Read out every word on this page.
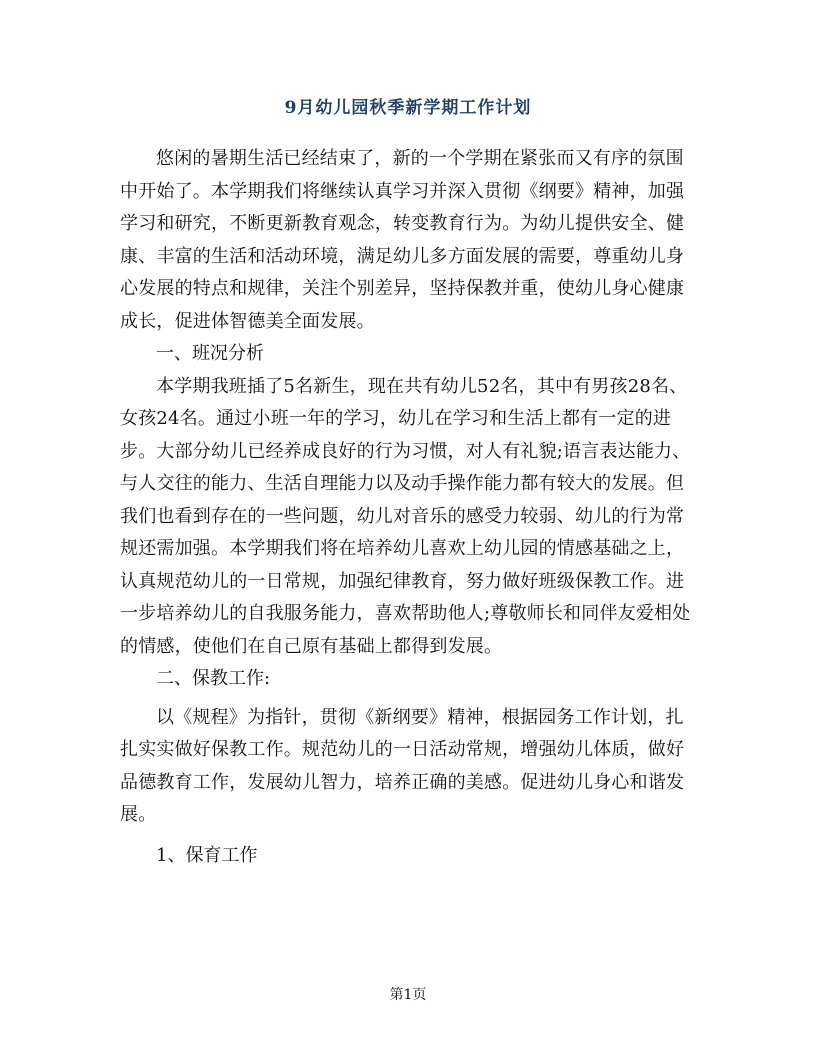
9月幼儿园秋季新学期工作计划

悠闲的暑期生活已经结束了，新的一个学期在紧张而又有序的氛围中开始了。本学期我们将继续认真学习并深入贯彻《纲要》精神，加强学习和研究，不断更新教育观念，转变教育行为。为幼儿提供安全、健康、丰富的生活和活动环境，满足幼儿多方面发展的需要，尊重幼儿身心发展的特点和规律，关注个别差异，坚持保教并重，使幼儿身心健康成长，促进体智德美全面发展。

一、班况分析

本学期我班插了5名新生，现在共有幼儿52名，其中有男孩28名、女孩24名。通过小班一年的学习，幼儿在学习和生活上都有一定的进步。大部分幼儿已经养成良好的行为习惯，对人有礼貌;语言表达能力、与人交往的能力、生活自理能力以及动手操作能力都有较大的发展。但我们也看到存在的一些问题，幼儿对音乐的感受力较弱、幼儿的行为常规还需加强。本学期我们将在培养幼儿喜欢上幼儿园的情感基础之上，认真规范幼儿的一日常规，加强纪律教育，努力做好班级保教工作。进一步培养幼儿的自我服务能力，喜欢帮助他人;尊敬师长和同伴友爱相处的情感，使他们在自己原有基础上都得到发展。

二、保教工作:

以《规程》为指针，贯彻《新纲要》精神，根据园务工作计划，扎扎实实做好保教工作。规范幼儿的一日活动常规，增强幼儿体质，做好品德教育工作，发展幼儿智力，培养正确的美感。促进幼儿身心和谐发展。

1、保育工作

第1页
